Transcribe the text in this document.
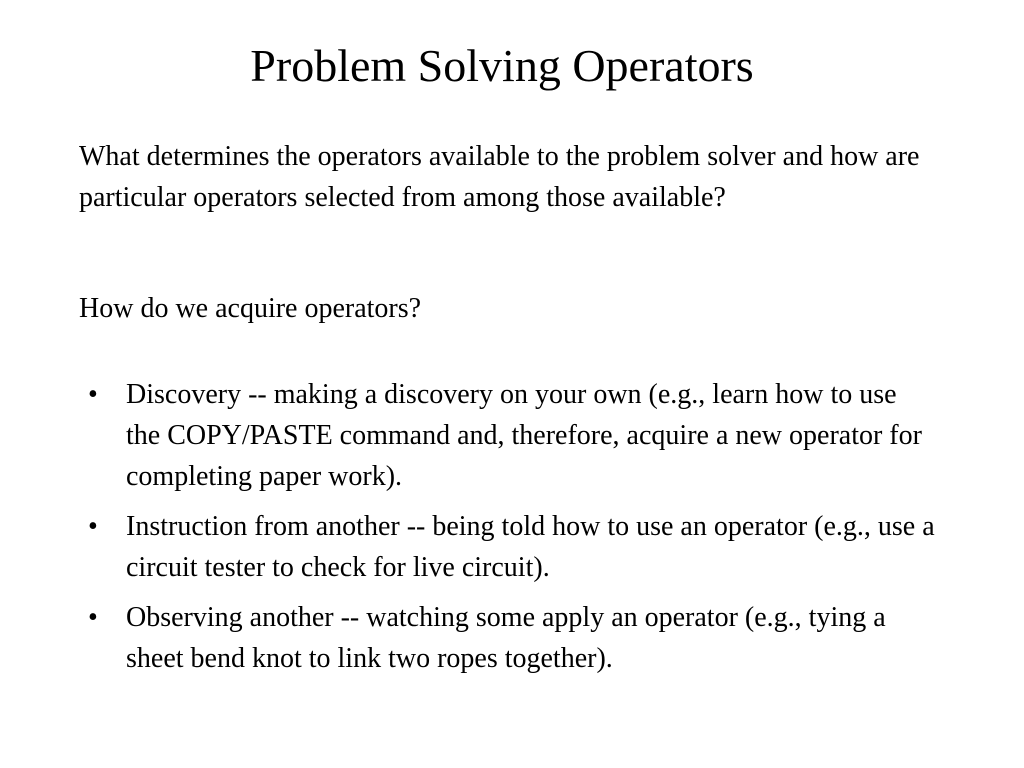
Problem Solving Operators

What determines the operators available to the problem solver and how are particular operators selected from among those available?

How do we acquire operators?

• Discovery -- making a discovery on your own (e.g., learn how to use the COPY/PASTE command and, therefore, acquire a new operator for completing paper work).
• Instruction from another -- being told how to use an operator (e.g., use a circuit tester to check for live circuit).
• Observing another -- watching some apply an operator (e.g., tying a sheet bend knot to link two ropes together).
